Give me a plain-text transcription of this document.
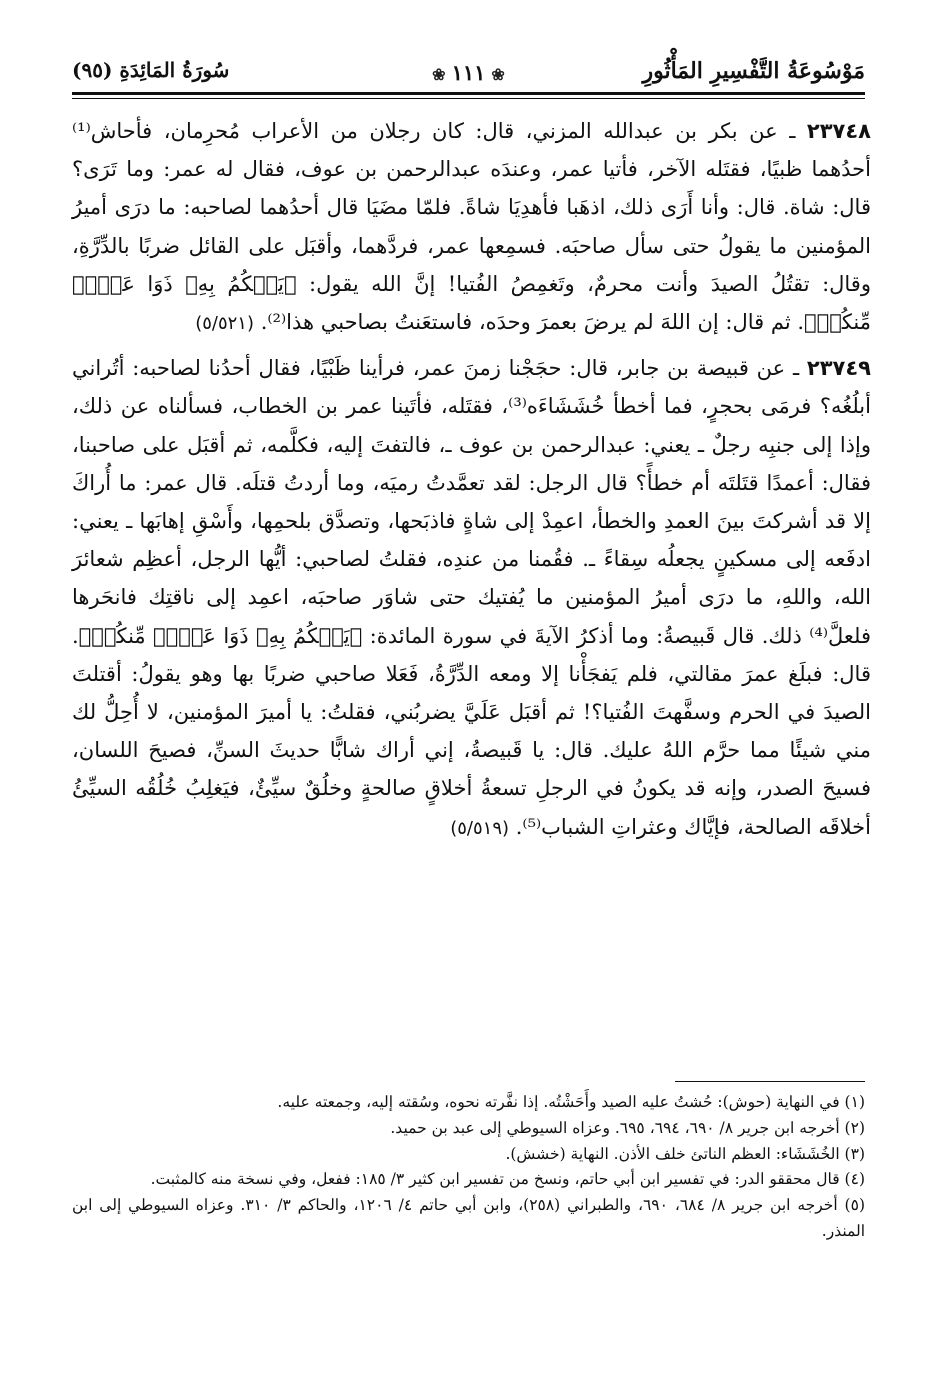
مَوْسُوعَةُ التَّفْسِيرِ المَأْثُورِ
❀١١١❀
سُورَةُ المَائِدَةِ (٩٥)

٢٣٧٤٨ ـ عن بكر بن عبدالله المزني، قال: كان رجلان من الأعراب مُحرِمان، فأحاش⁽¹⁾ أحدُهما ظبيًا، فقتَله الآخر، فأتيا عمر، وعندَه عبدالرحمن بن عوف، فقال له عمر: وما تَرَى؟ قال: شاة. قال: وأنا أَرَى ذلك، اذهَبا فأهدِيَا شاةً. فلمّا مضَيَا قال أحدُهما لصاحبه: ما درَى أميرُ المؤمنين ما يقولُ حتى سأل صاحبَه. فسمِعها عمر، فردَّهما، وأقبَل على القائل ضربًا بالدِّرَّةِ، وقال: تقتُلُ الصيدَ وأنت محرمٌ، وتَغمِصُ الفُتيا! إنَّ الله يقول: ﴿يَحۡكُمُ بِهِۦ ذَوَا عَدۡلٖ مِّنكُمۡ﴾. ثم قال: إن اللهَ لم يرضَ بعمرَ وحدَه، فاستعَنتُ بصاحبي هذا⁽²⁾. (٥/٥٢١)

٢٣٧٤٩ ـ عن قبيصة بن جابر، قال: حجَجْنا زمنَ عمر، فرأينا ظَبْيًا، فقال أحدُنا لصاحبه: أتُراني أبلُغُه؟ فرمَى بحجرٍ، فما أخطأ خُشَشَاءَه⁽³⁾، فقتَله، فأتَينا عمر بن الخطاب، فسألناه عن ذلك، وإذا إلى جنبِه رجلٌ ـ يعني: عبدالرحمن بن عوف ـ، فالتفتَ إليه، فكلَّمه، ثم أقبَل على صاحبنا، فقال: أعمدًا قتَلتَه أم خطأً؟ قال الرجل: لقد تعمَّدتُ رميَه، وما أردتُ قتلَه. قال عمر: ما أُراكَ إلا قد أشركتَ بينَ العمدِ والخطأ، اعمِدْ إلى شاةٍ فاذبَحها، وتصدَّق بلحمِها، وأَسْقِ إهابَها ـ يعني: ادفَعه إلى مسكينٍ يجعلُه سِقاءً ـ. فقُمنا من عندِه، فقلتُ لصاحبي: أيُّها الرجل، أعظِم شعائرَ الله، واللهِ، ما درَى أميرُ المؤمنين ما يُفتيك حتى شاوَر صاحبَه، اعمِد إلى ناقتِك فانحَرها فلعلَّ⁽⁴⁾ ذلك. قال قَبيصةُ: وما أذكرُ الآيةَ في سورة المائدة: ﴿يَحۡكُمُ بِهِۦ ذَوَا عَدۡلٖ مِّنكُمۡ﴾. قال: فبلَغ عمرَ مقالتي، فلم يَفجَأْنا إلا ومعه الدِّرَّةُ، فَعَلا صاحبي ضربًا بها وهو يقولُ: أقتلتَ الصيدَ في الحرم وسفَّهتَ الفُتيا؟! ثم أقبَل عَلَيَّ يضربُني، فقلتُ: يا أميرَ المؤمنين، لا أُحِلُّ لك مني شيئًا مما حرَّم اللهُ عليك. قال: يا قَبيصةُ، إني أراك شابًّا حديثَ السنِّ، فصيحَ اللسان، فسيحَ الصدر، وإنه قد يكونُ في الرجلِ تسعةُ أخلاقٍ صالحةٍ وخلُقٌ سيِّئٌ، فيَغلِبُ خُلُقُه السيِّئُ أخلاقَه الصالحة، فإيَّاك وعثراتِ الشباب⁽⁵⁾. (٥/٥١٩)

(١) في النهاية (حوش): حُشتُ عليه الصيد وأَحَشْتُه. إذا نفَّرته نحوه، وسُقته إليه، وجمعته عليه.

(٢) أخرجه ابن جرير ٨/ ٦٩٠، ٦٩٤، ٦٩٥. وعزاه السيوطي إلى عبد بن حميد.

(٣) الخُشَشَاء: العظم الناتئ خلف الأذن. النهاية (خشش).

(٤) قال محققو الدر: في تفسير ابن أبي حاتم، ونسخ من تفسير ابن كثير ٣/ ١٨٥: ففعل، وفي نسخة منه كالمثبت.

(٥) أخرجه ابن جرير ٨/ ٦٨٤، ٦٩٠، والطبراني (٢٥٨)، وابن أبي حاتم ٤/ ١٢٠٦، والحاكم ٣/ ٣١٠. وعزاه السيوطي إلى ابن المنذر.
